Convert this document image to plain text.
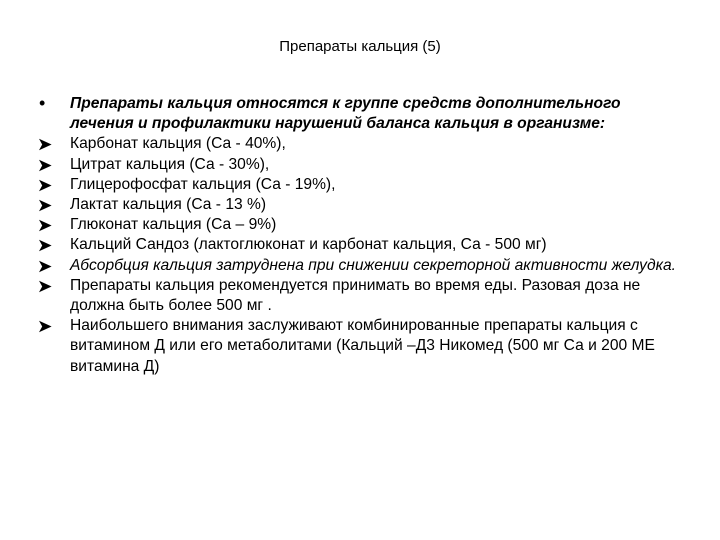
Препараты кальция (5)
•	Препараты кальция относятся к группе средств дополнительного лечения и профилактики нарушений баланса кальция в организме:
Карбонат кальция (Са - 40%),
Цитрат кальция (Са - 30%),
Глицерофосфат кальция (Са - 19%),
Лактат кальция (Са - 13 %)
Глюконат кальция (Са – 9%)
Кальций Сандоз (лактоглюконат и карбонат кальция, Са - 500 мг)
Абсорбция кальция затруднена при снижении секреторной активности желудка.
Препараты кальция рекомендуется принимать во время еды. Разовая доза не должна быть более 500 мг .
Наибольшего внимания заслуживают комбинированные препараты кальция с витамином Д или его метаболитами (Кальций –Д3 Никомед (500 мг Са и 200 МЕ витамина Д)
